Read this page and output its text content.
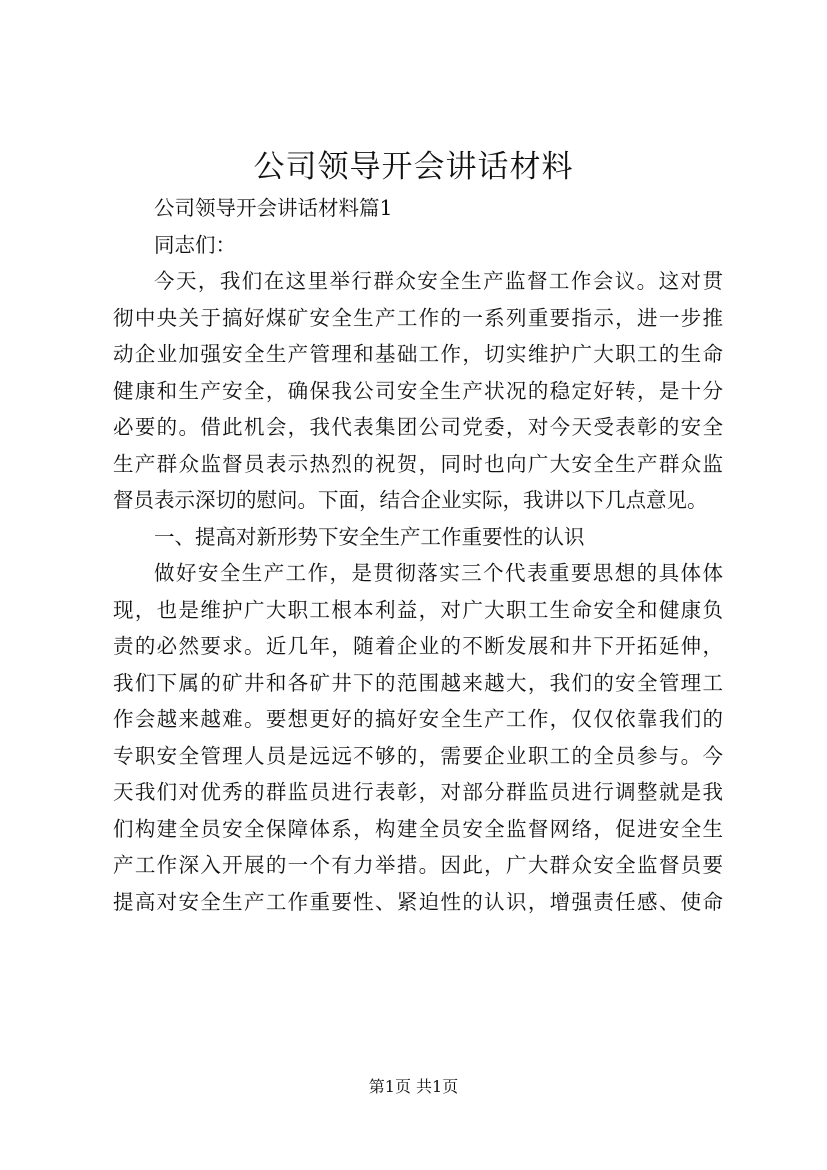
公司领导开会讲话材料
公司领导开会讲话材料篇1
同志们：
今天，我们在这里举行群众安全生产监督工作会议。这对贯
彻中央关于搞好煤矿安全生产工作的一系列重要指示，进一步推
动企业加强安全生产管理和基础工作，切实维护广大职工的生命
健康和生产安全，确保我公司安全生产状况的稳定好转，是十分
必要的。借此机会，我代表集团公司党委，对今天受表彰的安全
生产群众监督员表示热烈的祝贺，同时也向广大安全生产群众监
督员表示深切的慰问。下面，结合企业实际，我讲以下几点意见。
一、提高对新形势下安全生产工作重要性的认识
做好安全生产工作，是贯彻落实三个代表重要思想的具体体
现，也是维护广大职工根本利益，对广大职工生命安全和健康负
责的必然要求。近几年，随着企业的不断发展和井下开拓延伸，
我们下属的矿井和各矿井下的范围越来越大，我们的安全管理工
作会越来越难。要想更好的搞好安全生产工作，仅仅依靠我们的
专职安全管理人员是远远不够的，需要企业职工的全员参与。今
天我们对优秀的群监员进行表彰，对部分群监员进行调整就是我
们构建全员安全保障体系，构建全员安全监督网络，促进安全生
产工作深入开展的一个有力举措。因此，广大群众安全监督员要
提高对安全生产工作重要性、紧迫性的认识，增强责任感、使命
第1页 共1页
